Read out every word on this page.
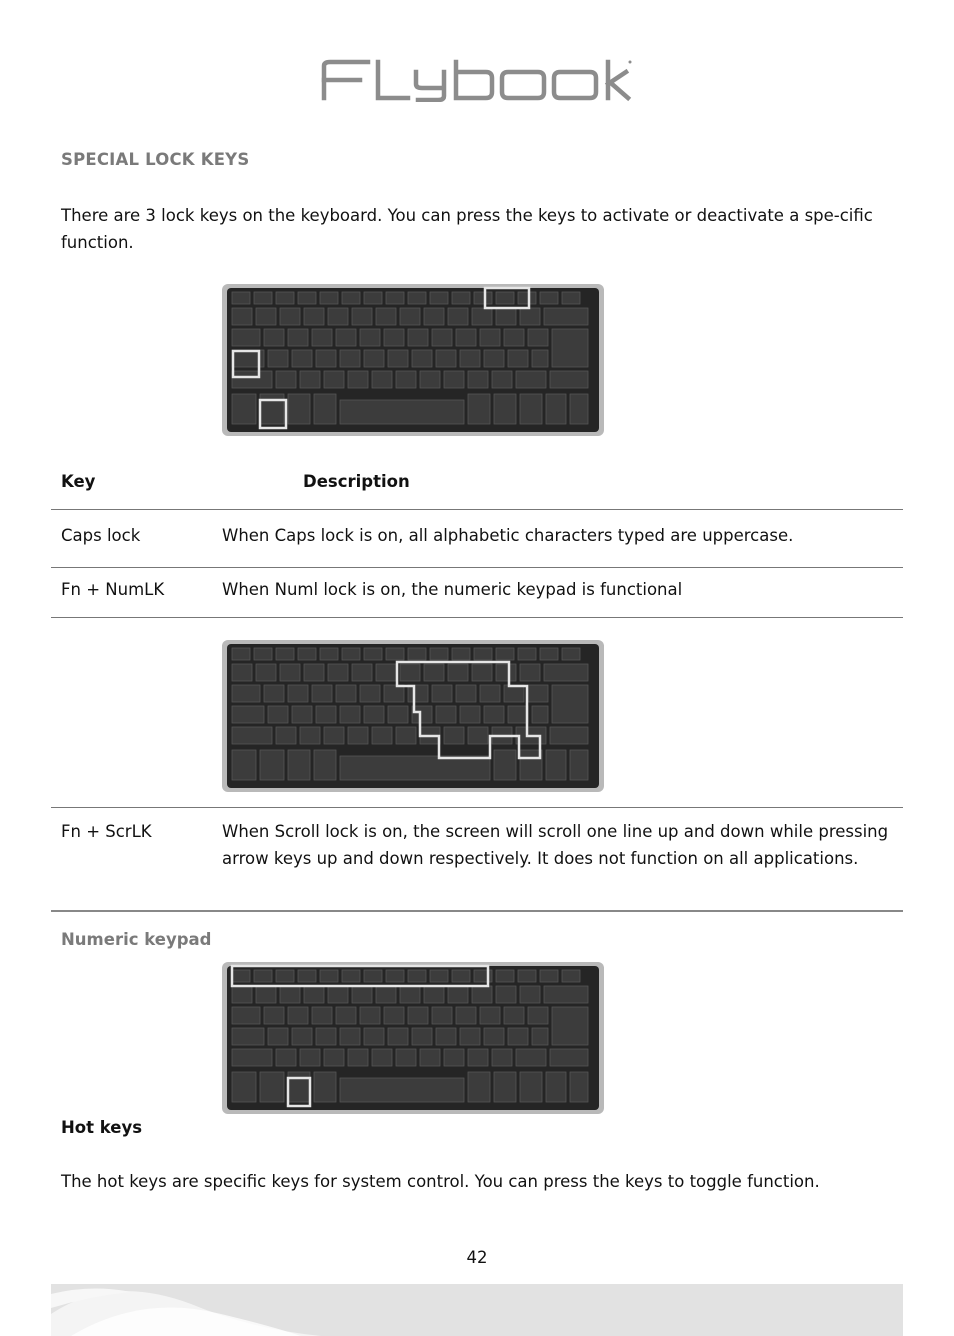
SPECIAL LOCK KEYS
There are 3 lock keys on the keyboard. You can press the keys to activate or deactivate a spe-cific function.
Key	Description
Caps lock	When Caps lock is on, all alphabetic characters typed are uppercase.
Fn + NumLK	When Numl lock is on, the numeric keypad is functional
Fn + ScrLK	When Scroll lock is on, the screen will scroll one line up and down while pressing arrow keys up and down respectively. It does not function on all applications.
Numeric keypad
Hot keys
The hot keys are specific keys for system control. You can press the keys to toggle function.
42
